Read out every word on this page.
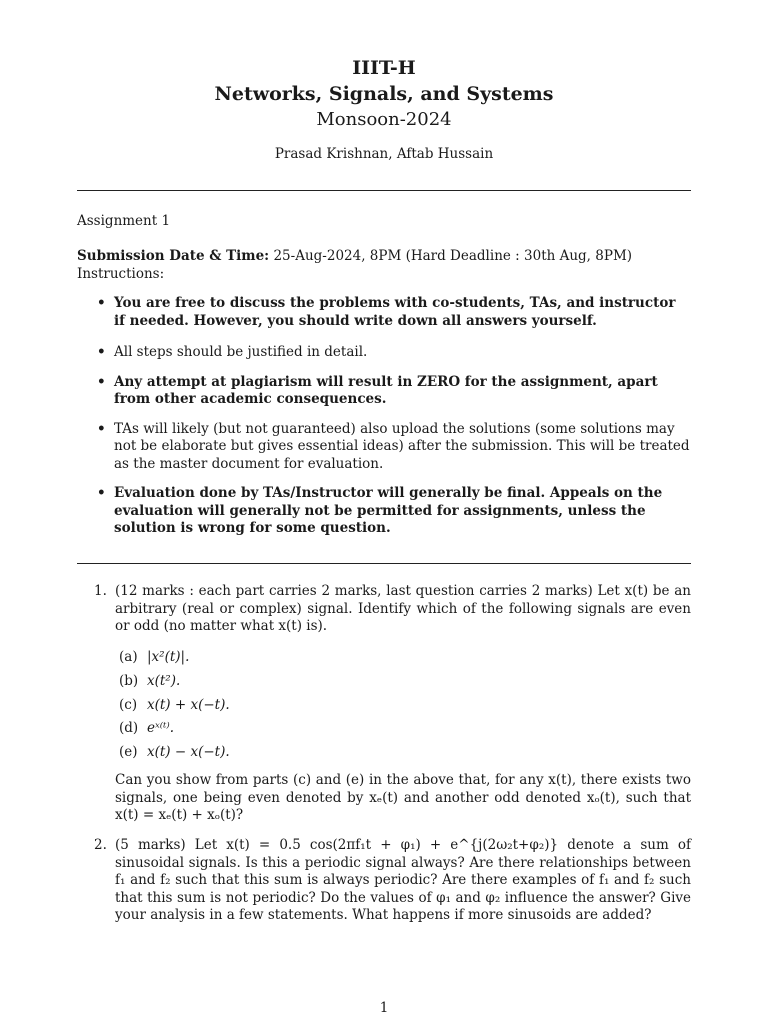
IIIT-H
Networks, Signals, and Systems
Monsoon-2024
Prasad Krishnan, Aftab Hussain
Assignment 1
Submission Date & Time: 25-Aug-2024, 8PM (Hard Deadline : 30th Aug, 8PM)
Instructions:
• You are free to discuss the problems with co-students, TAs, and instructor if needed. However, you should write down all answers yourself.
• All steps should be justified in detail.
• Any attempt at plagiarism will result in ZERO for the assignment, apart from other academic consequences.
• TAs will likely (but not guaranteed) also upload the solutions (some solutions may not be elaborate but gives essential ideas) after the submission. This will be treated as the master document for evaluation.
• Evaluation done by TAs/Instructor will generally be final. Appeals on the evaluation will generally not be permitted for assignments, unless the solution is wrong for some question.
1. (12 marks : each part carries 2 marks, last question carries 2 marks) Let x(t) be an arbitrary (real or complex) signal. Identify which of the following signals are even or odd (no matter what x(t) is).
(a) |x²(t)|.
(b) x(t²).
(c) x(t) + x(−t).
(d) eˣ⁽ᵗ⁾.
(e) x(t) − x(−t).
Can you show from parts (c) and (e) in the above that, for any x(t), there exists two signals, one being even denoted by xₑ(t) and another odd denoted xₒ(t), such that x(t) = xₑ(t) + xₒ(t)?
2. (5 marks) Let x(t) = 0.5 cos(2πf₁t + φ₁) + e^{j(2ω₂t+φ₂)} denote a sum of sinusoidal signals. Is this a periodic signal always? Are there relationships between f₁ and f₂ such that this sum is always periodic? Are there examples of f₁ and f₂ such that this sum is not periodic? Do the values of φ₁ and φ₂ influence the answer? Give your analysis in a few statements. What happens if more sinusoids are added?
1
